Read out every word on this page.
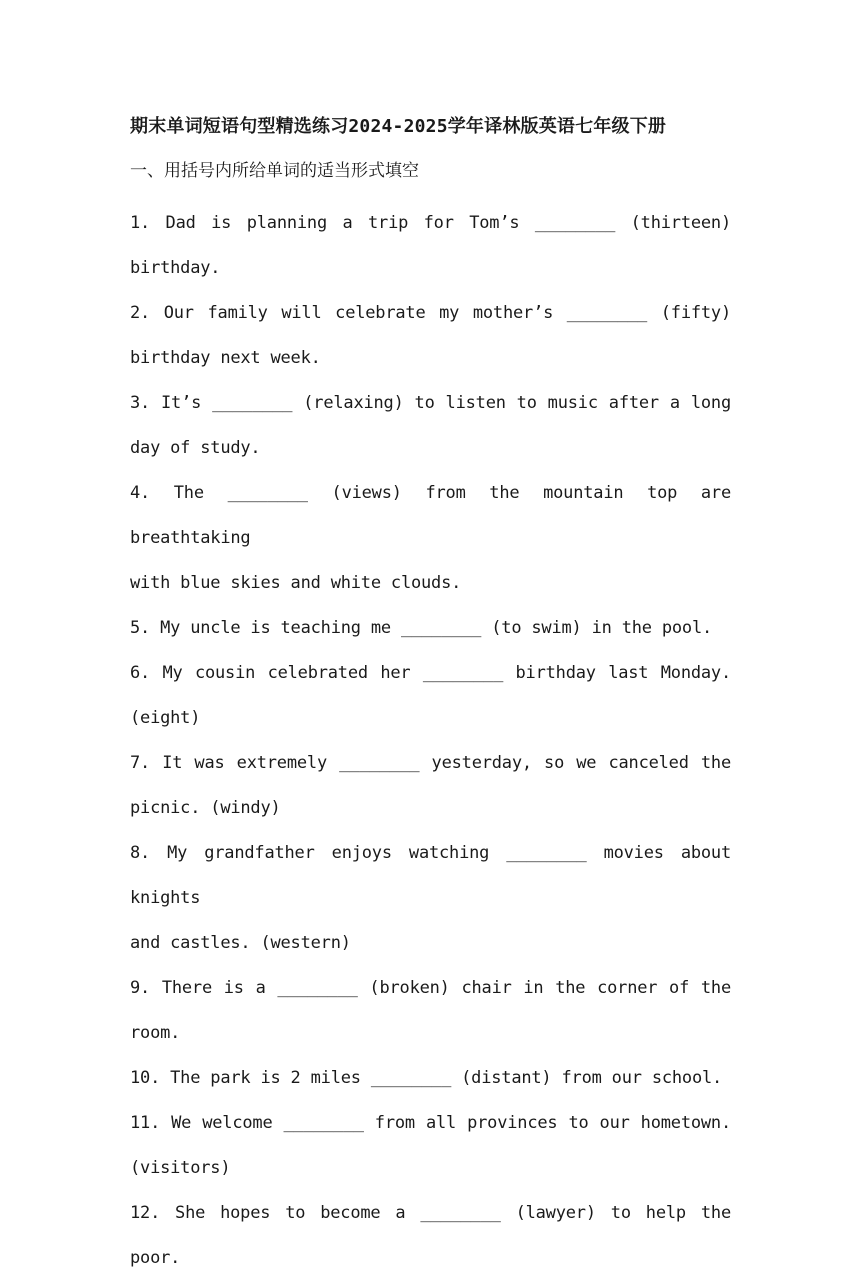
期末单词短语句型精选练习2024-2025学年译林版英语七年级下册
一、用括号内所给单词的适当形式填空
1. Dad is planning a trip for Tom’s ________ (thirteen)
birthday.
2. Our family will celebrate my mother’s ________ (fifty)
birthday next week.
3. It’s ________ (relaxing) to listen to music after a long
day of study.
4. The ________ (views) from the mountain top are breathtaking
with blue skies and white clouds.
5. My uncle is teaching me ________ (to swim) in the pool.
6. My cousin celebrated her ________ birthday last Monday.
(eight)
7. It was extremely ________ yesterday, so we canceled the
picnic. (windy)
8. My grandfather enjoys watching ________ movies about knights
and castles. (western)
9. There is a ________ (broken) chair in the corner of the room.
10. The park is 2 miles ________ (distant) from our school.
11. We welcome ________ from all provinces to our hometown.
(visitors)
12. She hopes to become a ________ (lawyer) to help the poor.
